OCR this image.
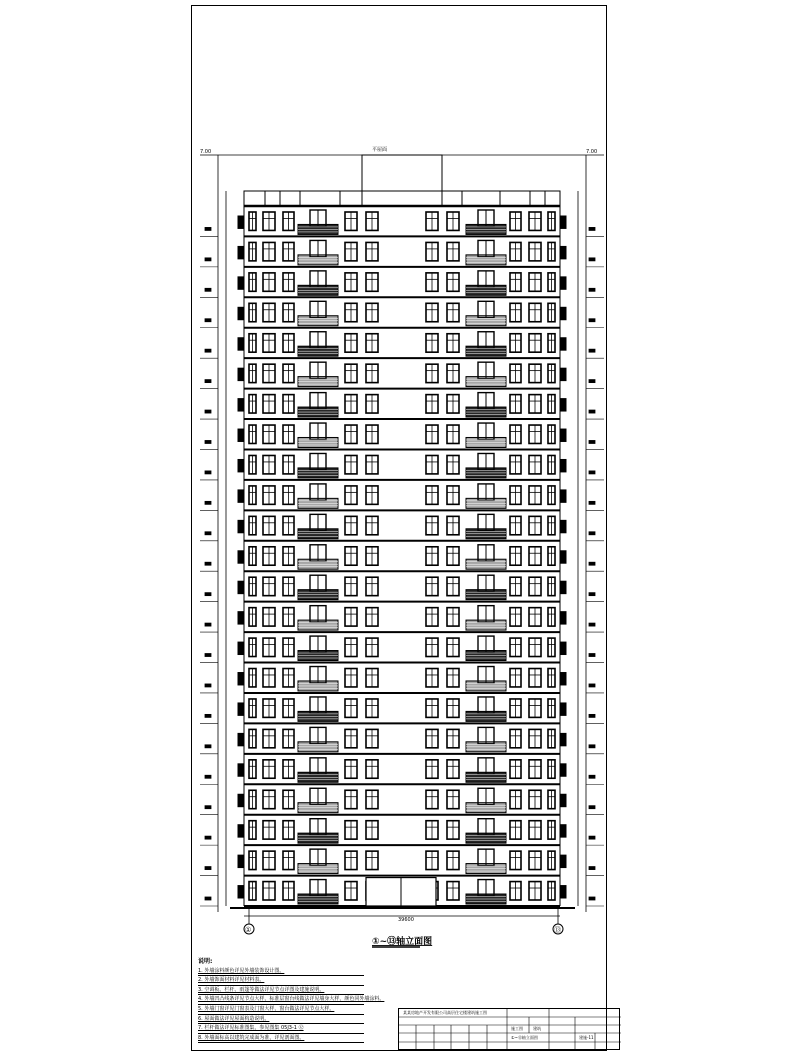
7.00	7.00
平屋面
39600
①	⑬
①~⑬轴立面图
说明:
1. 外墙涂料颜色详见外墙装饰设计图。
2. 外墙饰面材料详见材料表。
3. 空调板、栏杆、雨篷等做法详见节点详图及建施说明。
4. 外墙凹凸线条详见节点大样，标准层窗台线做法详见墙身大样，颜色同外墙涂料。
5. 外墙门窗详见门窗表及门窗大样，窗台做法详见节点大样。
6. 屋面做法详见屋面构造说明。
7. 栏杆做法详见标准图集，参见图集 05J3-1 ⑫
8. 外墙面标高以建筑完成面为准，详见剖面图。
某某房地产开发有限公司高层住宅楼建筑施工图
施工图	建筑
①~⑬轴立面图	建施-11
